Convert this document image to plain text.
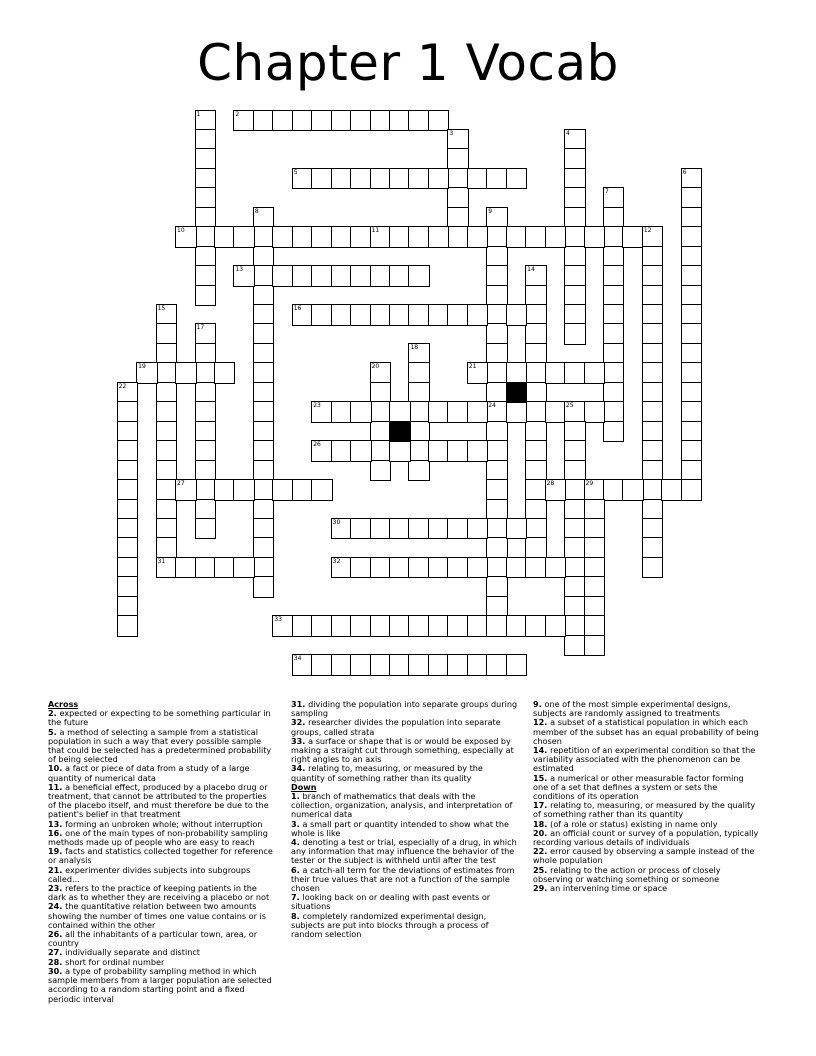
Chapter 1 Vocab
1	2
3	4
5	6
7
8	9
10	11	12
13	14
15	16
17
18
19	20	21
22
23	24	25
26
27	28	29
30
31	32
33
34
Across
2. expected or expecting to be something particular in the future
5. a method of selecting a sample from a statistical population in such a way that every possible sample that could be selected has a predetermined probability of being selected
10. a fact or piece of data from a study of a large quantity of numerical data
11. a beneficial effect, produced by a placebo drug or treatment, that cannot be attributed to the properties of the placebo itself, and must therefore be due to the patient's belief in that treatment
13. forming an unbroken whole; without interruption
16. one of the main types of non-probability sampling methods made up of people who are easy to reach
19. facts and statistics collected together for reference or analysis
21. experimenter divides subjects into subgroups called...
23. refers to the practice of keeping patients in the dark as to whether they are receiving a placebo or not
24. the quantitative relation between two amounts showing the number of times one value contains or is contained within the other
26. all the inhabitants of a particular town, area, or country
27. individually separate and distinct
28. short for ordinal number
30. a type of probability sampling method in which sample members from a larger population are selected according to a random starting point and a fixed periodic interval
31. dividing the population into separate groups during sampling
32. researcher divides the population into separate groups, called strata
33. a surface or shape that is or would be exposed by making a straight cut through something, especially at right angles to an axis
34. relating to, measuring, or measured by the quantity of something rather than its quality
Down
1. branch of mathematics that deals with the collection, organization, analysis, and interpretation of numerical data
3. a small part or quantity intended to show what the whole is like
4. denoting a test or trial, especially of a drug, in which any information that may influence the behavior of the tester or the subject is withheld until after the test
6. a catch-all term for the deviations of estimates from their true values that are not a function of the sample chosen
7. looking back on or dealing with past events or situations
8. completely randomized experimental design, subjects are put into blocks through a process of random selection
9. one of the most simple experimental designs, subjects are randomly assigned to treatments
12. a subset of a statistical population in which each member of the subset has an equal probability of being chosen
14. repetition of an experimental condition so that the variability associated with the phenomenon can be estimated
15. a numerical or other measurable factor forming one of a set that defines a system or sets the conditions of its operation
17. relating to, measuring, or measured by the quality of something rather than its quantity
18. (of a role or status) existing in name only
20. an official count or survey of a population, typically recording various details of individuals
22. error caused by observing a sample instead of the whole population
25. relating to the action or process of closely observing or watching something or someone
29. an intervening time or space
